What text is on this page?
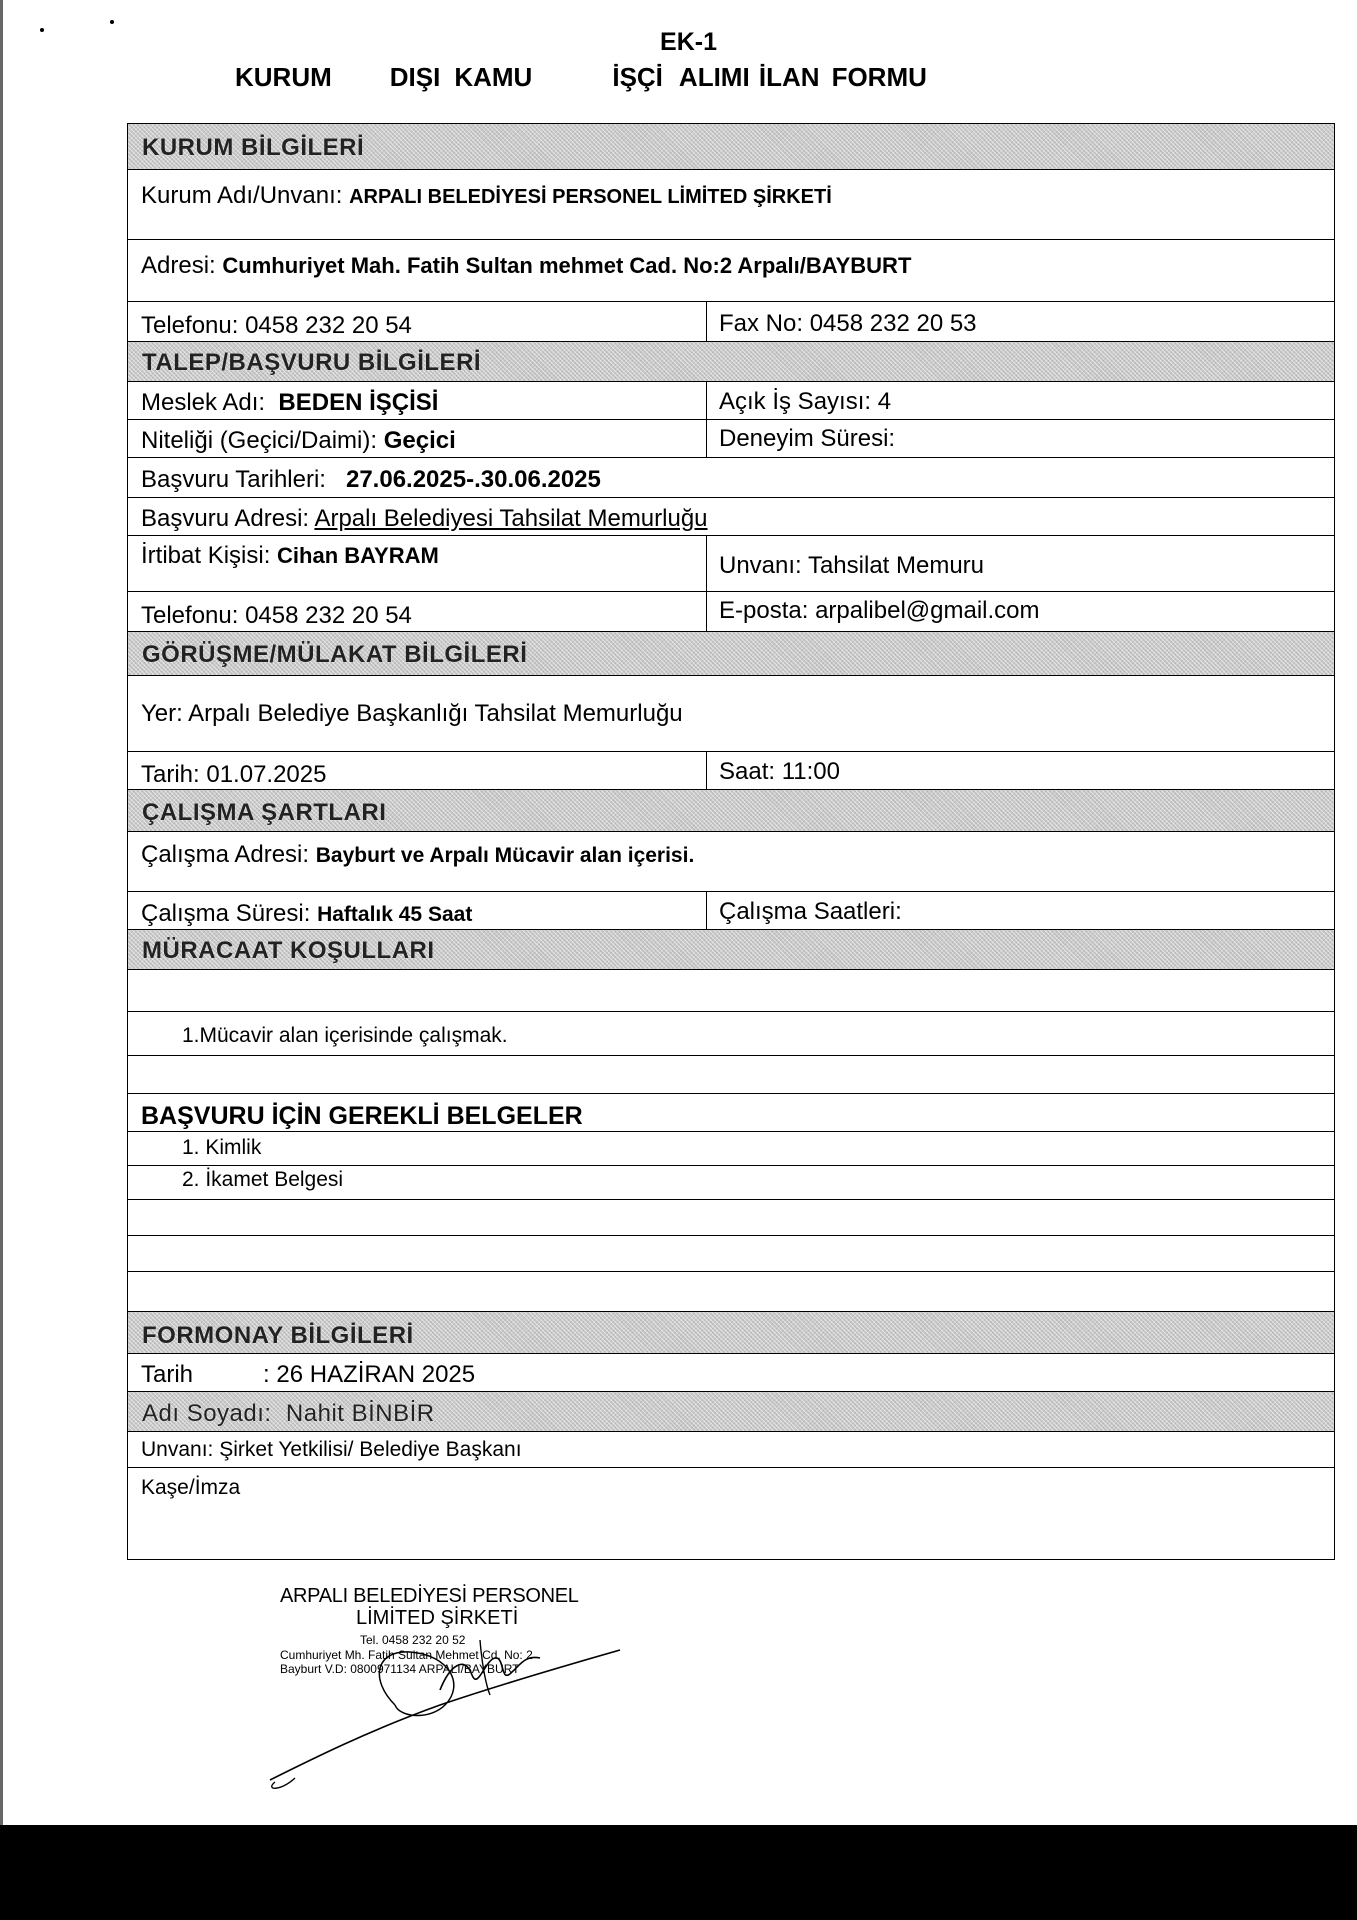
EK-1
KURUM DIŞI KAMU	İŞÇİ ALIMI İLAN FORMU
KURUM BİLGİLERİ
Kurum Adı/Unvanı: ARPALI BELEDİYESİ PERSONEL LİMİTED ŞİRKETİ
Adresi: Cumhuriyet Mah. Fatih Sultan mehmet Cad. No:2 Arpalı/BAYBURT
Telefonu: 0458 232 20 54	Fax No: 0458 232 20 53
TALEP/BAŞVURU BİLGİLERİ
Meslek Adı: BEDEN İŞÇİSİ	Açık İş Sayısı: 4
Niteliği (Geçici/Daimi): Geçici	Deneyim Süresi:
Başvuru Tarihleri: 27.06.2025-.30.06.2025
Başvuru Adresi: Arpalı Belediyesi Tahsilat Memurluğu
İrtibat Kişisi: Cihan BAYRAM	Unvanı: Tahsilat Memuru
Telefonu: 0458 232 20 54	E-posta: arpalibel@gmail.com
GÖRÜŞME/MÜLAKAT BİLGİLERİ
Yer: Arpalı Belediye Başkanlığı Tahsilat Memurluğu
Tarih: 01.07.2025	Saat: 11:00
ÇALIŞMA ŞARTLARI
Çalışma Adresi: Bayburt ve Arpalı Mücavir alan içerisi.
Çalışma Süresi: Haftalık 45 Saat	Çalışma Saatleri:
MÜRACAAT KOŞULLARI
1.Mücavir alan içerisinde çalışmak.
BAŞVURU İÇİN GEREKLİ BELGELER
1. Kimlik
2. İkamet Belgesi
FORMONAY BİLGİLERİ
Tarih	: 26 HAZİRAN 2025
Adı Soyadı: Nahit BİNBİR
Unvanı: Şirket Yetkilisi/ Belediye Başkanı
Kaşe/İmza
ARPALI BELEDİYESİ PERSONEL
LİMİTED ŞİRKETİ
Tel. 0458 232 20 52
Cumhuriyet Mh. Fatih Sultan Mehmet Cd. No: 2
Bayburt V.D: 0800971134 ARPALI/BAYBURT
